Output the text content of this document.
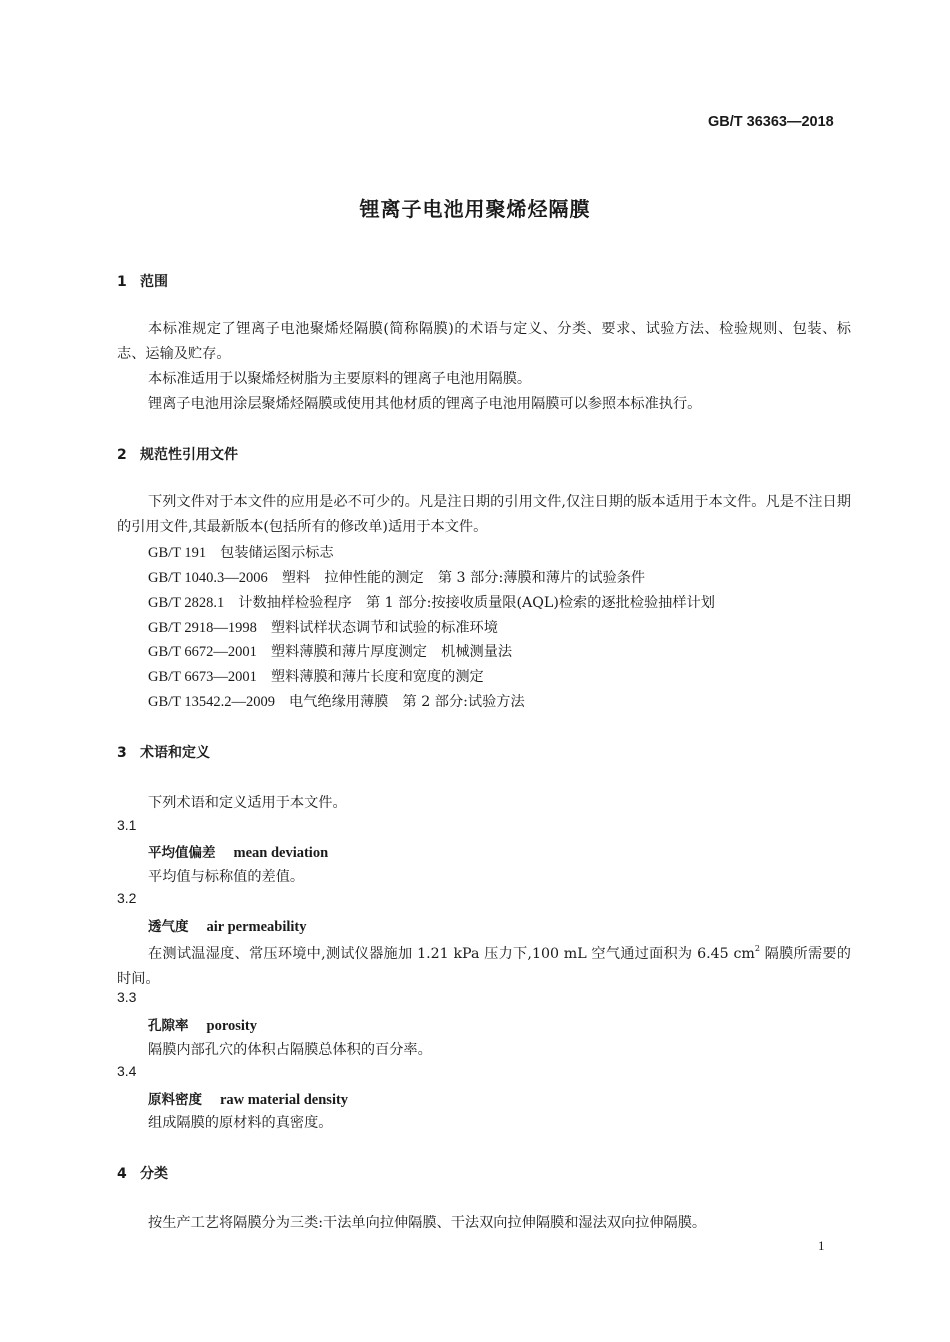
GB/T 36363—2018
锂离子电池用聚烯烃隔膜
1 范围
本标准规定了锂离子电池聚烯烃隔膜(简称隔膜)的术语与定义、分类、要求、试验方法、检验规则、包装、标志、运输及贮存。
本标准适用于以聚烯烃树脂为主要原料的锂离子电池用隔膜。
锂离子电池用涂层聚烯烃隔膜或使用其他材质的锂离子电池用隔膜可以参照本标准执行。
2 规范性引用文件
下列文件对于本文件的应用是必不可少的。凡是注日期的引用文件,仅注日期的版本适用于本文件。凡是不注日期的引用文件,其最新版本(包括所有的修改单)适用于本文件。
GB/T 191 包装储运图示标志
GB/T 1040.3—2006 塑料　拉伸性能的测定　第 3 部分:薄膜和薄片的试验条件
GB/T 2828.1 计数抽样检验程序　第 1 部分:按接收质量限(AQL)检索的逐批检验抽样计划
GB/T 2918—1998 塑料试样状态调节和试验的标准环境
GB/T 6672—2001 塑料薄膜和薄片厚度测定　机械测量法
GB/T 6673—2001 塑料薄膜和薄片长度和宽度的测定
GB/T 13542.2—2009 电气绝缘用薄膜　第 2 部分:试验方法
3 术语和定义
下列术语和定义适用于本文件。
3.1
平均值偏差 mean deviation
平均值与标称值的差值。
3.2
透气度 air permeability
在测试温湿度、常压环境中,测试仪器施加 1.21 kPa 压力下,100 mL 空气通过面积为 6.45 $cm^2$ 隔膜所需要的时间。
3.3
孔隙率 porosity
隔膜内部孔穴的体积占隔膜总体积的百分率。
3.4
原料密度 raw material density
组成隔膜的原材料的真密度。
4 分类
按生产工艺将隔膜分为三类:干法单向拉伸隔膜、干法双向拉伸隔膜和湿法双向拉伸隔膜。
1
